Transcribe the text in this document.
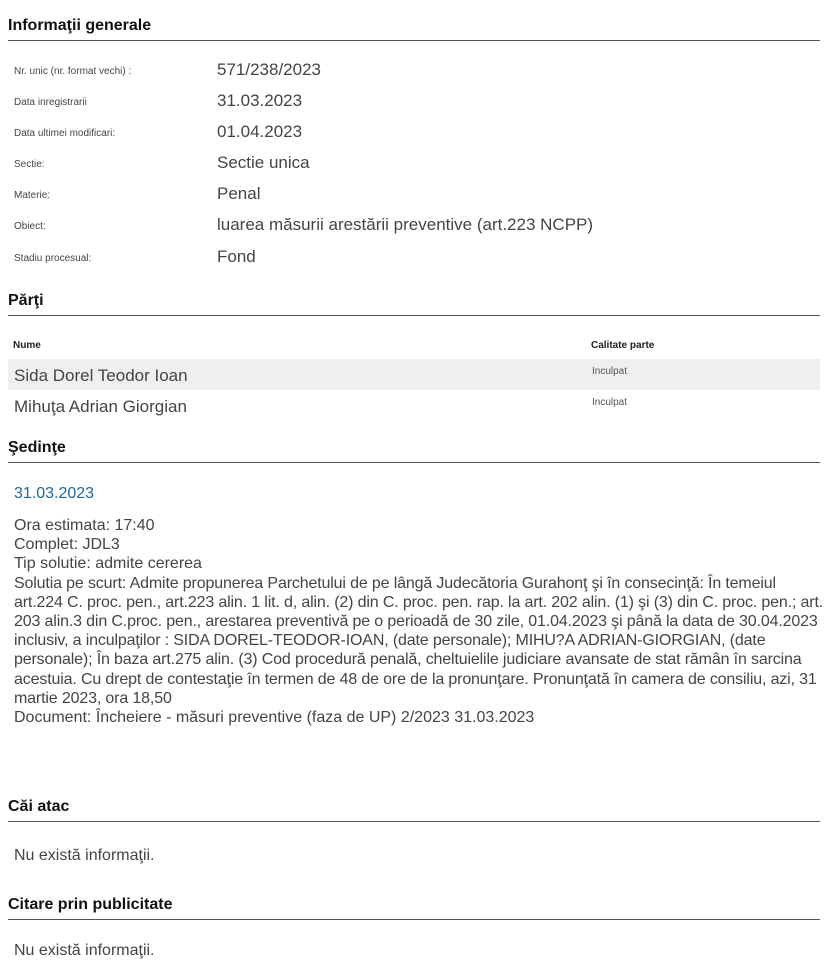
Informaţii generale
Nr. unic (nr. format vechi) :	571/238/2023
Data inregistrarii	31.03.2023
Data ultimei modificari:	01.04.2023
Sectie:	Sectie unica
Materie:	Penal
Obiect:	luarea măsurii arestării preventive (art.223 NCPP)
Stadiu procesual:	Fond
Părţi
Nume	Calitate parte
Sida Dorel Teodor Ioan	Inculpat
Mihuţa Adrian Giorgian	Inculpat
Şedinţe
31.03.2023
Ora estimata: 17:40
Complet: JDL3
Tip solutie: admite cererea
Solutia pe scurt: Admite propunerea Parchetului de pe lângă Judecătoria Gurahonţ şi în consecinţă: În temeiul art.224 C. proc. pen., art.223 alin. 1 lit. d, alin. (2) din C. proc. pen. rap. la art. 202 alin. (1) şi (3) din C. proc. pen.; art. 203 alin.3 din C.proc. pen., arestarea preventivă pe o perioadă de 30 zile, 01.04.2023 şi până la data de 30.04.2023 inclusiv, a inculpaţilor : SIDA DOREL-TEODOR-IOAN, (date personale); MIHU?A ADRIAN-GIORGIAN, (date personale); În baza art.275 alin. (3) Cod procedură penală, cheltuielile judiciare avansate de stat rămân în sarcina acestuia. Cu drept de contestaţie în termen de 48 de ore de la pronunţare. Pronunţată în camera de consiliu, azi, 31 martie 2023, ora 18,50
Document: Încheiere - măsuri preventive (faza de UP) 2/2023 31.03.2023
Căi atac
Nu există informaţii.
Citare prin publicitate
Nu există informaţii.
